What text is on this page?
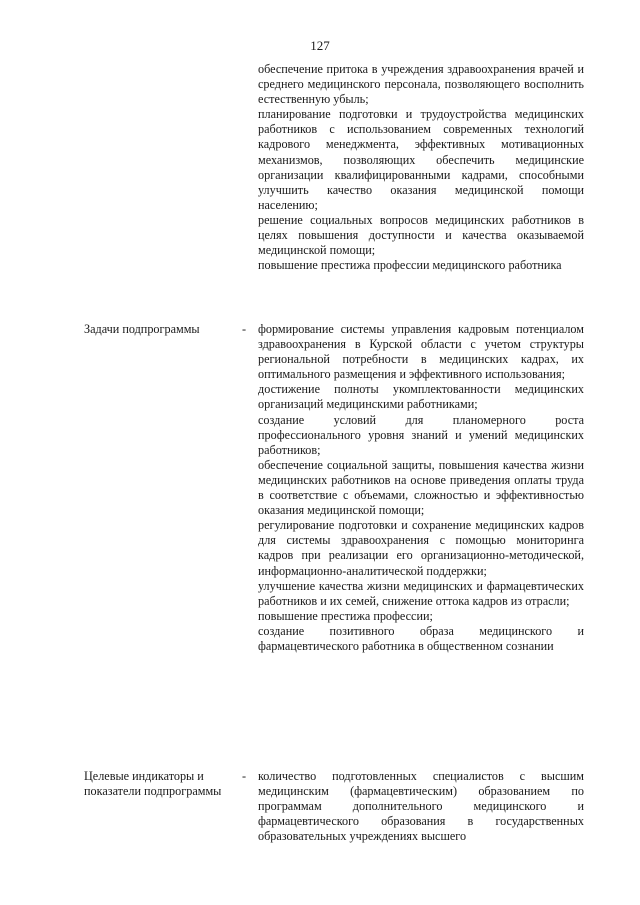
127

обеспечение притока в учреждения здравоохранения врачей и среднего медицинского персонала, позволяющего восполнить естественную убыль;

планирование подготовки и трудоустройства медицинских работников с использованием современных технологий кадрового менеджмента, эффективных мотивационных механизмов, позволяющих обеспечить медицинские организации квалифицированными кадрами, способными улучшить качество оказания медицинской помощи населению;

решение социальных вопросов медицинских работников в целях повышения доступности и качества оказываемой медицинской помощи;

повышение престижа профессии медицинского работника

Задачи подпрограммы	- формирование системы управления кадровым потенциалом здравоохранения в Курской области с учетом структуры региональной потребности в медицинских кадрах, их оптимального размещения и эффективного использования;

достижение полноты укомплектованности медицинских организаций медицинскими работниками;

создание условий для планомерного роста профессионального уровня знаний и умений медицинских работников;

обеспечение социальной защиты, повышения качества жизни медицинских работников на основе приведения оплаты труда в соответствие с объемами, сложностью и эффективностью оказания медицинской помощи;

регулирование подготовки и сохранение медицинских кадров для системы здравоохранения с помощью мониторинга кадров при реализации его организационно-методической, информационно-аналитической поддержки;

улучшение качества жизни медицинских и фармацевтических работников и их семей, снижение оттока кадров из отрасли;

повышение престижа профессии;

создание позитивного образа медицинского и фармацевтического работника в общественном сознании

Целевые индикаторы и показатели подпрограммы
- количество подготовленных специалистов с высшим медицинским (фармацевтическим) образованием по программам дополнительного медицинского и фармацевтического образования в государственных образовательных учреждениях высшего
